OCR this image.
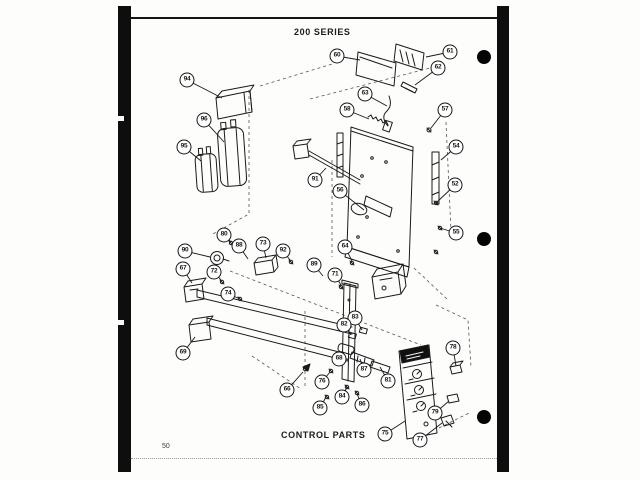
200 SERIES
CONTROL PARTS
50
94
96
95
60
61
62
63
58	57
54
52
55
91
56
80
90
88	73
92
64
89
71
67	72
74
69
66
83
82
68
87
81
76
84
85	86
78
79
75
77
